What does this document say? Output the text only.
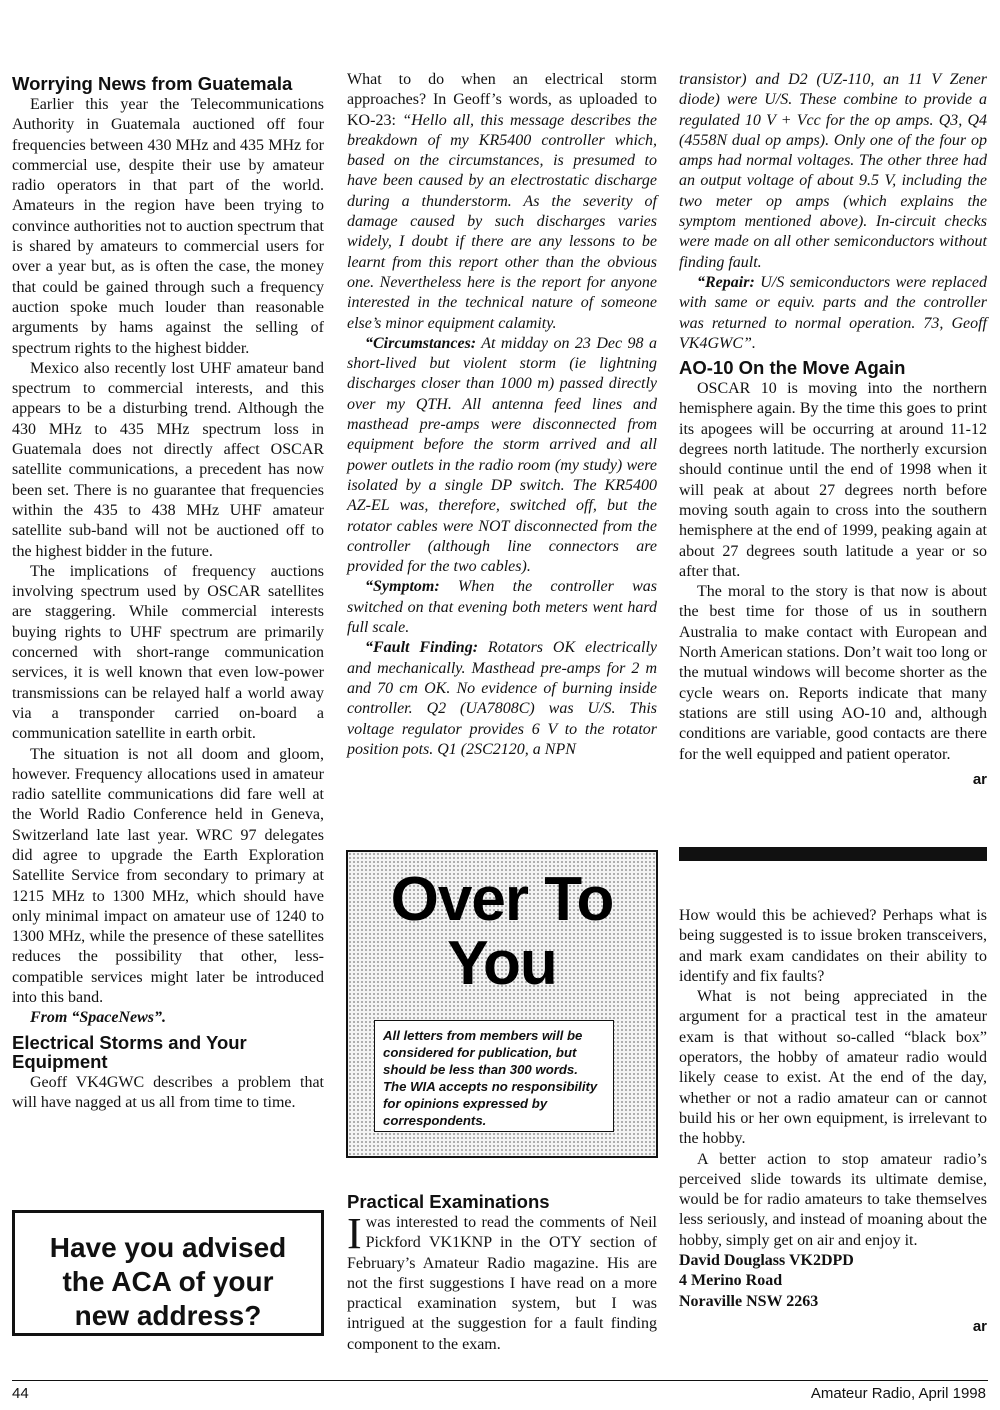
Worrying News from Guatemala

Earlier this year the Telecommunications Authority in Guatemala auctioned off four frequencies between 430 MHz and 435 MHz for commercial use, despite their use by amateur radio operators in that part of the world. Amateurs in the region have been trying to convince authorities not to auction spectrum that is shared by amateurs to commercial users for over a year but, as is often the case, the money that could be gained through such a frequency auction spoke much louder than reasonable arguments by hams against the selling of spectrum rights to the highest bidder.

Mexico also recently lost UHF amateur band spectrum to commercial interests, and this appears to be a disturbing trend. Although the 430 MHz to 435 MHz spectrum loss in Guatemala does not directly affect OSCAR satellite communications, a precedent has now been set. There is no guarantee that frequencies within the 435 to 438 MHz UHF amateur satellite sub-band will not be auctioned off to the highest bidder in the future.

The implications of frequency auctions involving spectrum used by OSCAR satellites are staggering. While commercial interests buying rights to UHF spectrum are primarily concerned with short-range communication services, it is well known that even low-power transmissions can be relayed half a world away via a transponder carried on-board a communication satellite in earth orbit.

The situation is not all doom and gloom, however. Frequency allocations used in amateur radio satellite communications did fare well at the World Radio Conference held in Geneva, Switzerland late last year. WRC 97 delegates did agree to upgrade the Earth Exploration Satellite Service from secondary to primary at 1215 MHz to 1300 MHz, which should have only minimal impact on amateur use of 1240 to 1300 MHz, while the presence of these satellites reduces the possibility that other, less-compatible services might later be introduced into this band.

From “SpaceNews”.

Electrical Storms and Your Equipment

Geoff VK4GWC describes a problem that will have nagged at us all from time to time.

Have you advised
the ACA of your
new address?

What to do when an electrical storm approaches? In Geoff’s words, as uploaded to KO-23: “Hello all, this message describes the breakdown of my KR5400 controller which, based on the circumstances, is presumed to have been caused by an electrostatic discharge during a thunderstorm. As the severity of damage caused by such discharges varies widely, I doubt if there are any lessons to be learnt from this report other than the obvious one. Nevertheless here is the report for anyone interested in the technical nature of someone else’s minor equipment calamity.

“Circumstances: At midday on 23 Dec 98 a short-lived but violent storm (ie lightning discharges closer than 1000 m) passed directly over my QTH. All antenna feed lines and masthead pre-amps were disconnected from equipment before the storm arrived and all power outlets in the radio room (my study) were isolated by a single DP switch. The KR5400 AZ-EL was, therefore, switched off, but the rotator cables were NOT disconnected from the controller (although line connectors are provided for the two cables).

“Symptom: When the controller was switched on that evening both meters went hard full scale.

“Fault Finding: Rotators OK electrically and mechanically. Masthead pre-amps for 2 m and 70 cm OK. No evidence of burning inside controller. Q2 (UA7808C) was U/S. This voltage regulator provides 6 V to the rotator position pots. Q1 (2SC2120, a NPN

Over To
You
All letters from members will be considered for publication, but should be less than 300 words. The WIA accepts no responsibility for opinions expressed by correspondents.
Practical Examinations

Iwas interested to read the comments of Neil Pickford VK1KNP in the OTY section of February’s Amateur Radio magazine. His are not the first suggestions I have read on a more practical examination system, but I was intrigued at the suggestion for a fault finding component to the exam.

transistor) and D2 (UZ-110, an 11 V Zener diode) were U/S. These combine to provide a regulated 10 V + Vcc for the op amps. Q3, Q4 (4558N dual op amps). Only one of the four op amps had normal voltages. The other three had an output voltage of about 9.5 V, including the two meter op amps (which explains the symptom mentioned above). In-circuit checks were made on all other semiconductors without finding fault.

“Repair: U/S semiconductors were replaced with same or equiv. parts and the controller was returned to normal operation. 73, Geoff VK4GWC”.

AO-10 On the Move Again

OSCAR 10 is moving into the northern hemisphere again. By the time this goes to print its apogees will be occurring at around 11-12 degrees north latitude. The northerly excursion should continue until the end of 1998 when it will peak at about 27 degrees north before moving south again to cross into the southern hemisphere at the end of 1999, peaking again at about 27 degrees south latitude a year or so after that.

The moral to the story is that now is about the best time for those of us in southern Australia to make contact with European and North American stations. Don’t wait too long or the mutual windows will become shorter as the cycle wears on. Reports indicate that many stations are still using AO-10 and, although conditions are variable, good contacts are there for the well equipped and patient operator.

ar

How would this be achieved? Perhaps what is being suggested is to issue broken transceivers, and mark exam candidates on their ability to identify and fix faults?

What is not being appreciated in the argument for a practical test in the amateur exam is that without so-called “black box” operators, the hobby of amateur radio would likely cease to exist. At the end of the day, whether or not a radio amateur can or cannot build his or her own equipment, is irrelevant to the hobby.

A better action to stop amateur radio’s perceived slide towards its ultimate demise, would be for radio amateurs to take themselves less seriously, and instead of moaning about the hobby, simply get on air and enjoy it.

David Douglass VK2DPD

4 Merino Road

Noraville NSW 2263

ar
44	Amateur Radio, April 1998
